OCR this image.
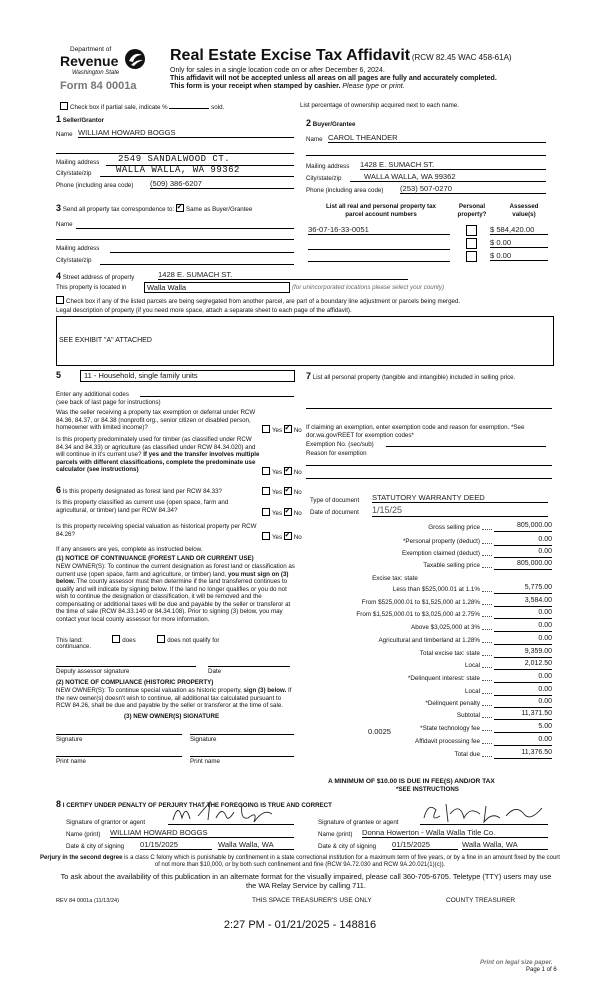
Department of
Revenue
Washington State
Form 84 0001a
Real Estate Excise Tax Affidavit (RCW 82.45 WAC 458-61A)
Only for sales in a single location code on or after December 6, 2024.
This affidavit will not be accepted unless all areas on all pages are fully and accurately completed.
This form is your receipt when stamped by cashier. Please type or print.
Check box if partial sale, indicate %	sold.	List percentage of ownership acquired next to each name.
1 Seller/Grantor
Name WILLIAM HOWARD BOGGS
Mailing address	2549 SANDALWOOD CT.
City/state/zip	WALLA WALLA, WA 99362
Phone (including area code) (509) 386-6207
2 Buyer/Grantee
Name CAROL THEANDER
Mailing address 1428 E. SUMACH ST.
City/state/zip	WALLA WALLA, WA 99362
Phone (including area code) (253) 507-0270
3 Send all property tax correspondence to: ✓ Same as Buyer/Grantee
Name
Mailing address
City/state/zip
List all real and personal property tax
parcel account numbers
Personal
property?
Assessed
value(s)
36-07-16-33-0051	$ 584,420.00
$ 0.00
$ 0.00
4 Street address of property	1428 E. SUMACH ST.
This property is located in	Walla Walla	(for unincorporated locations please select your county)
Check box if any of the listed parcels are being segregated from another parcel, are part of a boundary line adjustment or parcels being merged.
Legal description of property (if you need more space, attach a separate sheet to each page of the affidavit).
SEE EXHIBIT "A" ATTACHED
5	11 - Household, single family units
Enter any additional codes
(see back of last page for instructions)
Was the seller receiving a property tax exemption or deferral under RCW 84.36, 84.37, or 84.38 (nonprofit org., senior citizen or disabled person, homeowner with limited income)?	Yes ✓ No
Is this property predominately used for timber (as classified under RCW 84.34 and 84.33) or agriculture (as classified under RCW 84.34.020) and will continue in it's current use? If yes and the transfer involves multiple parcels with different classifications, complete the predominate use calculator (see instructions)	Yes ✓ No
6 Is this property designated as forest land per RCW 84.33?	Yes ✓ No
Is this property classified as current use (open space, farm and agricultural, or timber) land per RCW 84.34?	Yes ✓ No
Is this property receiving special valuation as historical property per RCW 84.26?	Yes ✓ No
If any answers are yes, complete as instructed below.
(1) NOTICE OF CONTINUANCE (FOREST LAND OR CURRENT USE)
NEW OWNER(S): To continue the current designation as forest land or classification as current use (open space, farm and agriculture, or timber) land, you must sign on (3) below. The county assessor must then determine if the land transferred continues to qualify and will indicate by signing below. If the land no longer qualifies or you do not wish to continue the designation or classification, it will be removed and the compensating or additional taxes will be due and payable by the seller or transferor at the time of sale (RCW 84.33.140 or 84.34.108). Prior to signing (3) below, you may contact your local county assessor for more information.
This land:	does	does not qualify for
continuance.
Deputy assessor signature	Date
(2) NOTICE OF COMPLIANCE (HISTORIC PROPERTY)
NEW OWNER(S): To continue special valuation as historic property, sign (3) below. If the new owner(s) doesn't wish to continue, all additional tax calculated pursuant to RCW 84.26, shall be due and payable by the seller or transferor at the time of sale.
(3) NEW OWNER(S) SIGNATURE
Signature	Signature
Print name	Print name
7 List all personal property (tangible and intangible) included in selling price.
If claiming an exemption, enter exemption code and reason for exemption. *See dor.wa.gov/REET for exemption codes*
Exemption No. (sec/sub)
Reason for exemption
Type of document STATUTORY WARRANTY DEED
Date of document 1/15/25
Gross selling price	805,000.00
*Personal property (deduct)	0.00
Exemption claimed (deduct)	0.00
Taxable selling price	805,000.00
Excise tax: state
Less than $525,000.01 at 1.1%	5,775.00
From $525,000.01 to $1,525,000 at 1.28%	3,584.00
From $1,525,000.01 to $3,025,000 at 2.75%	0.00
Above $3,025,000 at 3%	0.00
Agricultural and timberland at 1.28%	0.00
Total excise tax: state	9,359.00
Local	2,012.50
*Delinquent interest: state	0.00
Local	0.00
*Delinquent penalty	0.00
Subtotal	11,371.50
*State technology fee	5.00
Affidavit processing fee	0.00
Total due	11,376.50
0.0025
A MINIMUM OF $10.00 IS DUE IN FEE(S) AND/OR TAX
*SEE INSTRUCTIONS
8 I CERTIFY UNDER PENALTY OF PERJURY THAT THE FOREGOING IS TRUE AND CORRECT
Signature of grantor or agent	Signature of grantee or agent
Name (print) WILLIAM HOWARD BOGGS	Name (print) Donna Howerton - Walla Walla Title Co.
Date & city of signing 01/15/2025	Walla Walla, WA	Date & city of signing 01/15/2025	Walla Walla, WA
Perjury in the second degree is a class C felony which is punishable by confinement in a state correctional institution for a maximum term of five years, or by a fine in an amount fixed by the court of not more than $10,000, or by both such confinement and fine (RCW 9A.72.030 and RCW 9A.20.021(1)(c)).
To ask about the availability of this publication in an alternate format for the visually impaired, please call 360-705-6705. Teletype (TTY) users may use the WA Relay Service by calling 711.
REV 84 0001a (11/13/24)	THIS SPACE TREASURER'S USE ONLY	COUNTY TREASURER
2:27 PM - 01/21/2025 - 148816
Print on legal size paper.
Page 1 of 6
